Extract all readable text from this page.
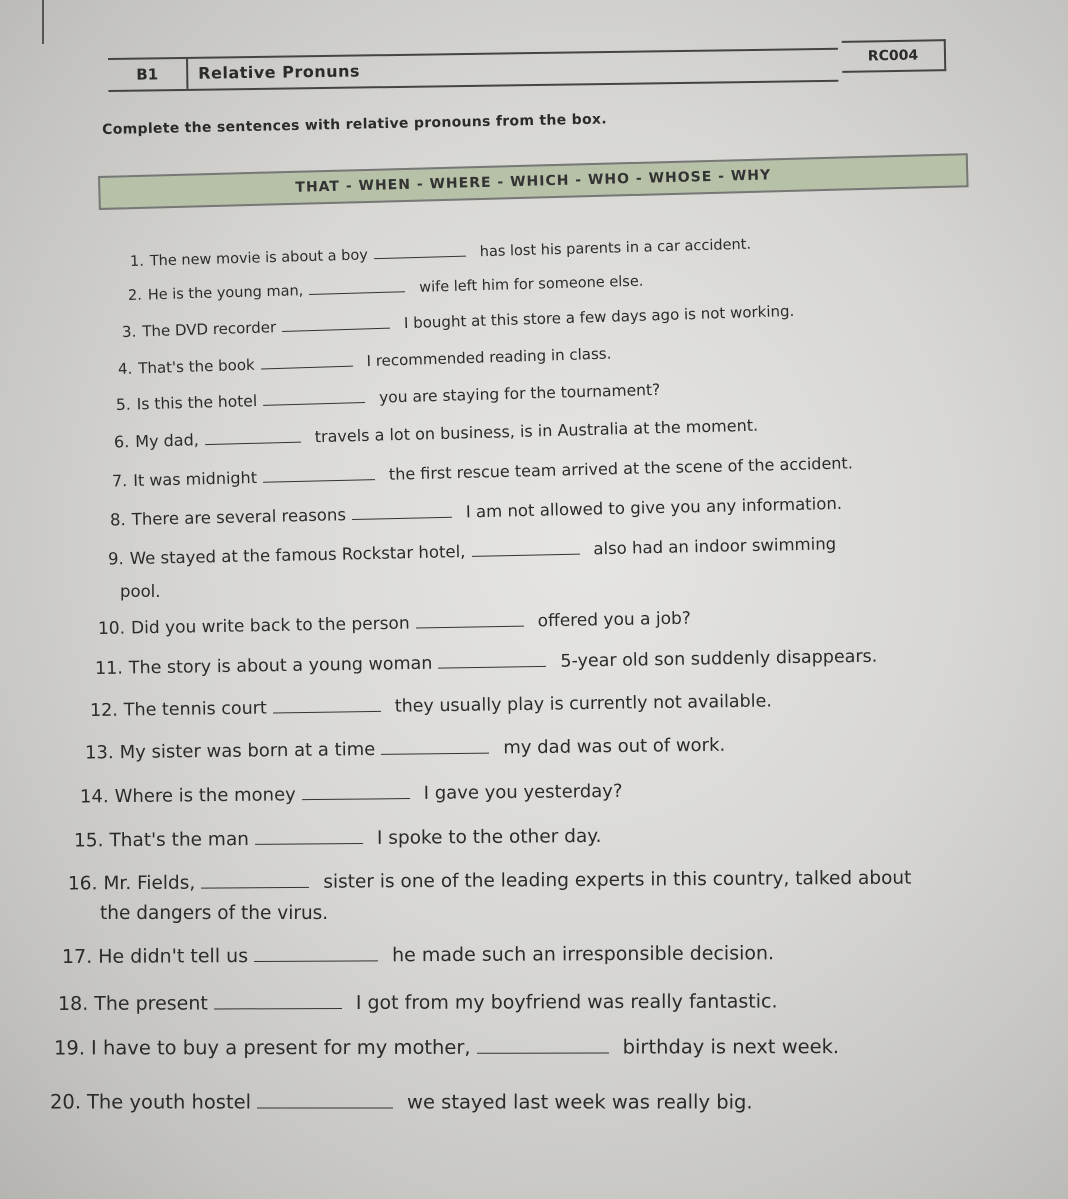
B1	Relative Pronuns
RC004
Complete the sentences with relative pronouns from the box.
THAT - WHEN - WHERE - WHICH - WHO - WHOSE - WHY
1. The new movie is about a boy	has lost his parents in a car accident.
2. He is the young man,	wife left him for someone else.
3. The DVD recorder	I bought at this store a few days ago is not working.
4. That's the book	I recommended reading in class.
5. Is this the hotel	you are staying for the tournament?
6. My dad,	travels a lot on business, is in Australia at the moment.
7. It was midnight	the first rescue team arrived at the scene of the accident.
8. There are several reasons	I am not allowed to give you any information.
9. We stayed at the famous Rockstar hotel,	also had an indoor swimming
pool.
10. Did you write back to the person	offered you a job?
11. The story is about a young woman	5-year old son suddenly disappears.
12. The tennis court	they usually play is currently not available.
13. My sister was born at a time	my dad was out of work.
14. Where is the money	I gave you yesterday?
15. That's the man	I spoke to the other day.
16. Mr. Fields,	sister is one of the leading experts in this country, talked about
the dangers of the virus.
17. He didn't tell us	he made such an irresponsible decision.
18. The present	I got from my boyfriend was really fantastic.
19. I have to buy a present for my mother,	birthday is next week.
20. The youth hostel	we stayed last week was really big.
